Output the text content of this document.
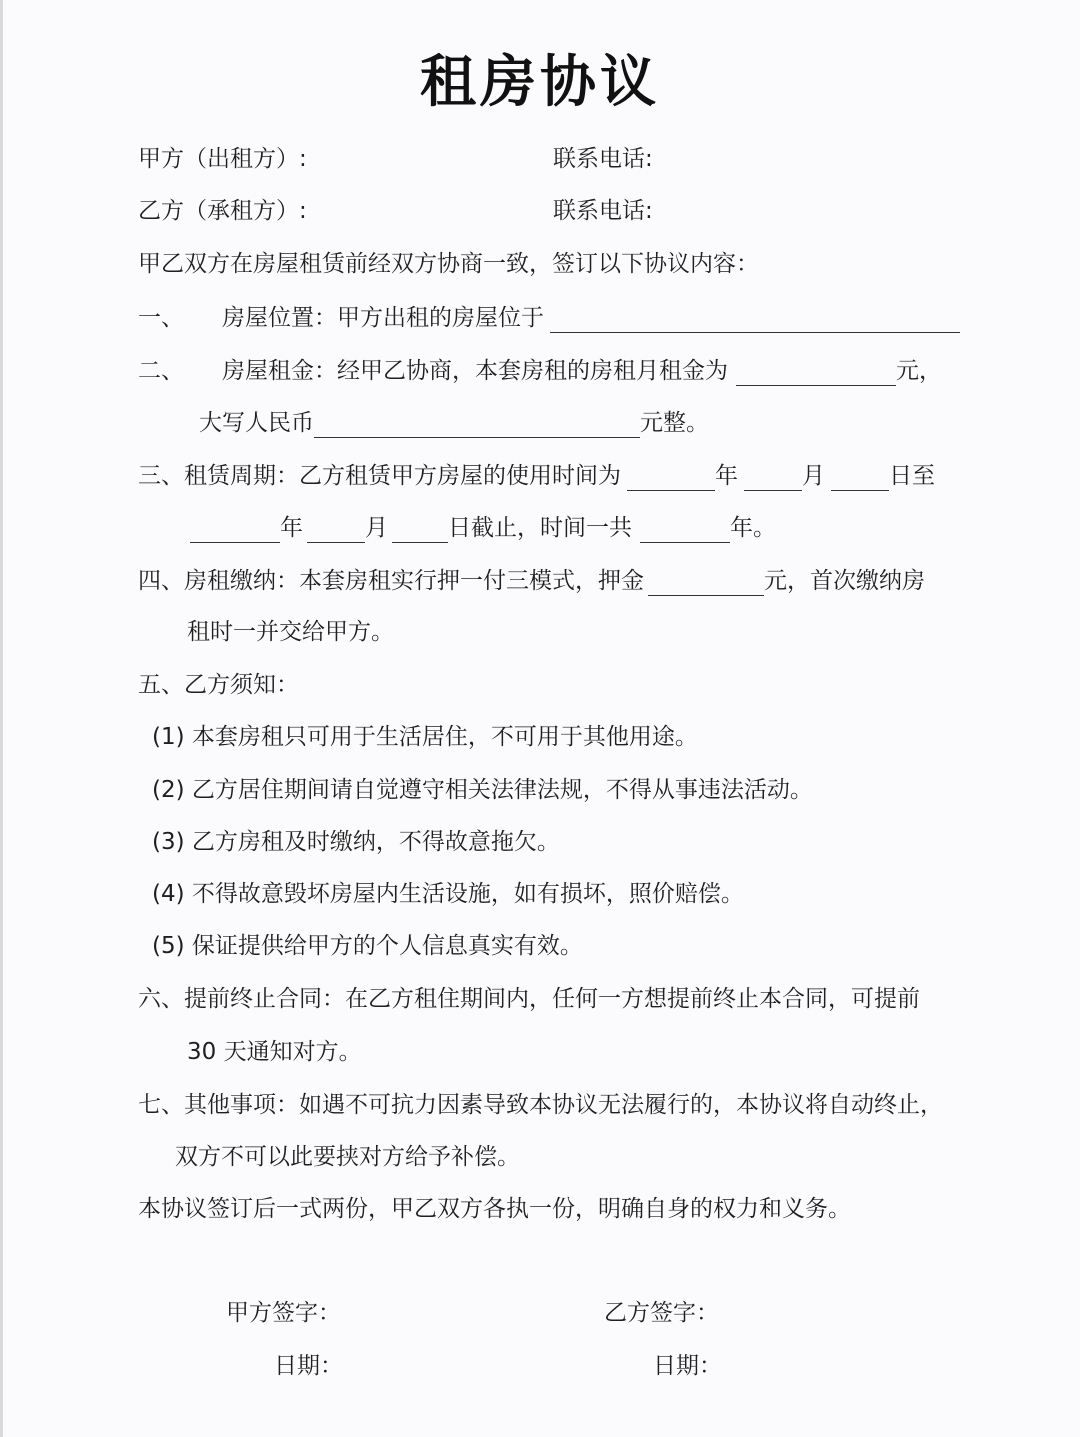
租房协议
甲方（出租方）:	联系电话:
乙方（承租方）:	联系电话:
甲乙双方在房屋租赁前经双方协商一致，签订以下协议内容：
一、 房屋位置：甲方出租的房屋位于
二、 房屋租金：经甲乙协商，本套房租的房租月租金为	元，
大写人民币	元整。
三、租赁周期：乙方租赁甲方房屋的使用时间为	年	月	日至
年	月	日截止，时间一共	年。
四、房租缴纳：本套房租实行押一付三模式，押金	元，首次缴纳房
租时一并交给甲方。
五、乙方须知：
(1) 本套房租只可用于生活居住，不可用于其他用途。
(2) 乙方居住期间请自觉遵守相关法律法规，不得从事违法活动。
(3) 乙方房租及时缴纳，不得故意拖欠。
(4) 不得故意毁坏房屋内生活设施，如有损坏，照价赔偿。
(5) 保证提供给甲方的个人信息真实有效。
六、提前终止合同：在乙方租住期间内，任何一方想提前终止本合同，可提前
30 天通知对方。
七、其他事项：如遇不可抗力因素导致本协议无法履行的，本协议将自动终止，
双方不可以此要挟对方给予补偿。
本协议签订后一式两份，甲乙双方各执一份，明确自身的权力和义务。
甲方签字：
日期：
乙方签字：
日期：
